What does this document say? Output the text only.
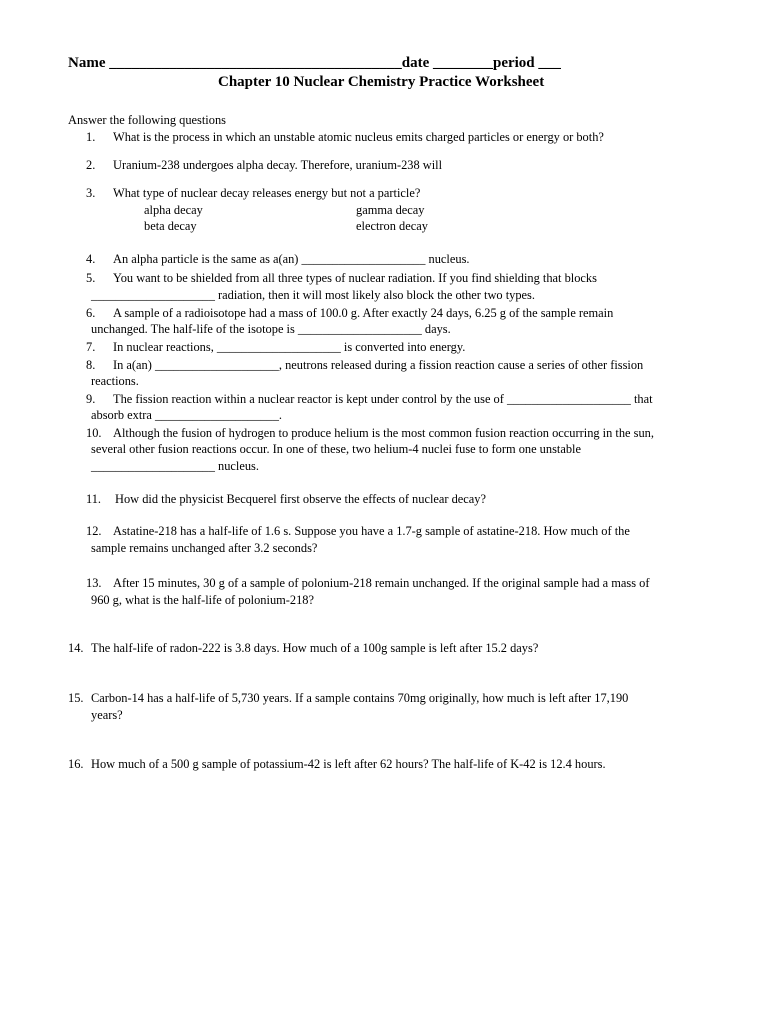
Name _______________________________________date ________period ___
Chapter 10 Nuclear Chemistry Practice Worksheet
Answer the following questions
1. What is the process in which an unstable atomic nucleus emits charged particles or energy or both?
2. Uranium-238 undergoes alpha decay. Therefore, uranium-238 will
3. What type of nuclear decay releases energy but not a particle?
alpha decay	gamma decay
beta decay	electron decay
4. An alpha particle is the same as a(an) ____________________ nucleus.
5. You want to be shielded from all three types of nuclear radiation. If you find shielding that blocks
____________________ radiation, then it will most likely also block the other two types.
6. A sample of a radioisotope had a mass of 100.0 g. After exactly 24 days, 6.25 g of the sample remain
unchanged. The half-life of the isotope is ____________________ days.
7. In nuclear reactions, ____________________ is converted into energy.
8. In a(an) ____________________, neutrons released during a fission reaction cause a series of other fission
reactions.
9. The fission reaction within a nuclear reactor is kept under control by the use of ____________________ that
absorb extra ____________________.
10. Although the fusion of hydrogen to produce helium is the most common fusion reaction occurring in the sun,
several other fusion reactions occur. In one of these, two helium-4 nuclei fuse to form one unstable
____________________ nucleus.
11. How did the physicist Becquerel first observe the effects of nuclear decay?
12. Astatine-218 has a half-life of 1.6 s. Suppose you have a 1.7-g sample of astatine-218. How much of the
sample remains unchanged after 3.2 seconds?
13. After 15 minutes, 30 g of a sample of polonium-218 remain unchanged. If the original sample had a mass of
960 g, what is the half-life of polonium-218?
14. The half-life of radon-222 is 3.8 days. How much of a 100g sample is left after 15.2 days?
15. Carbon-14 has a half-life of 5,730 years. If a sample contains 70mg originally, how much is left after 17,190
years?
16. How much of a 500 g sample of potassium-42 is left after 62 hours? The half-life of K-42 is 12.4 hours.
